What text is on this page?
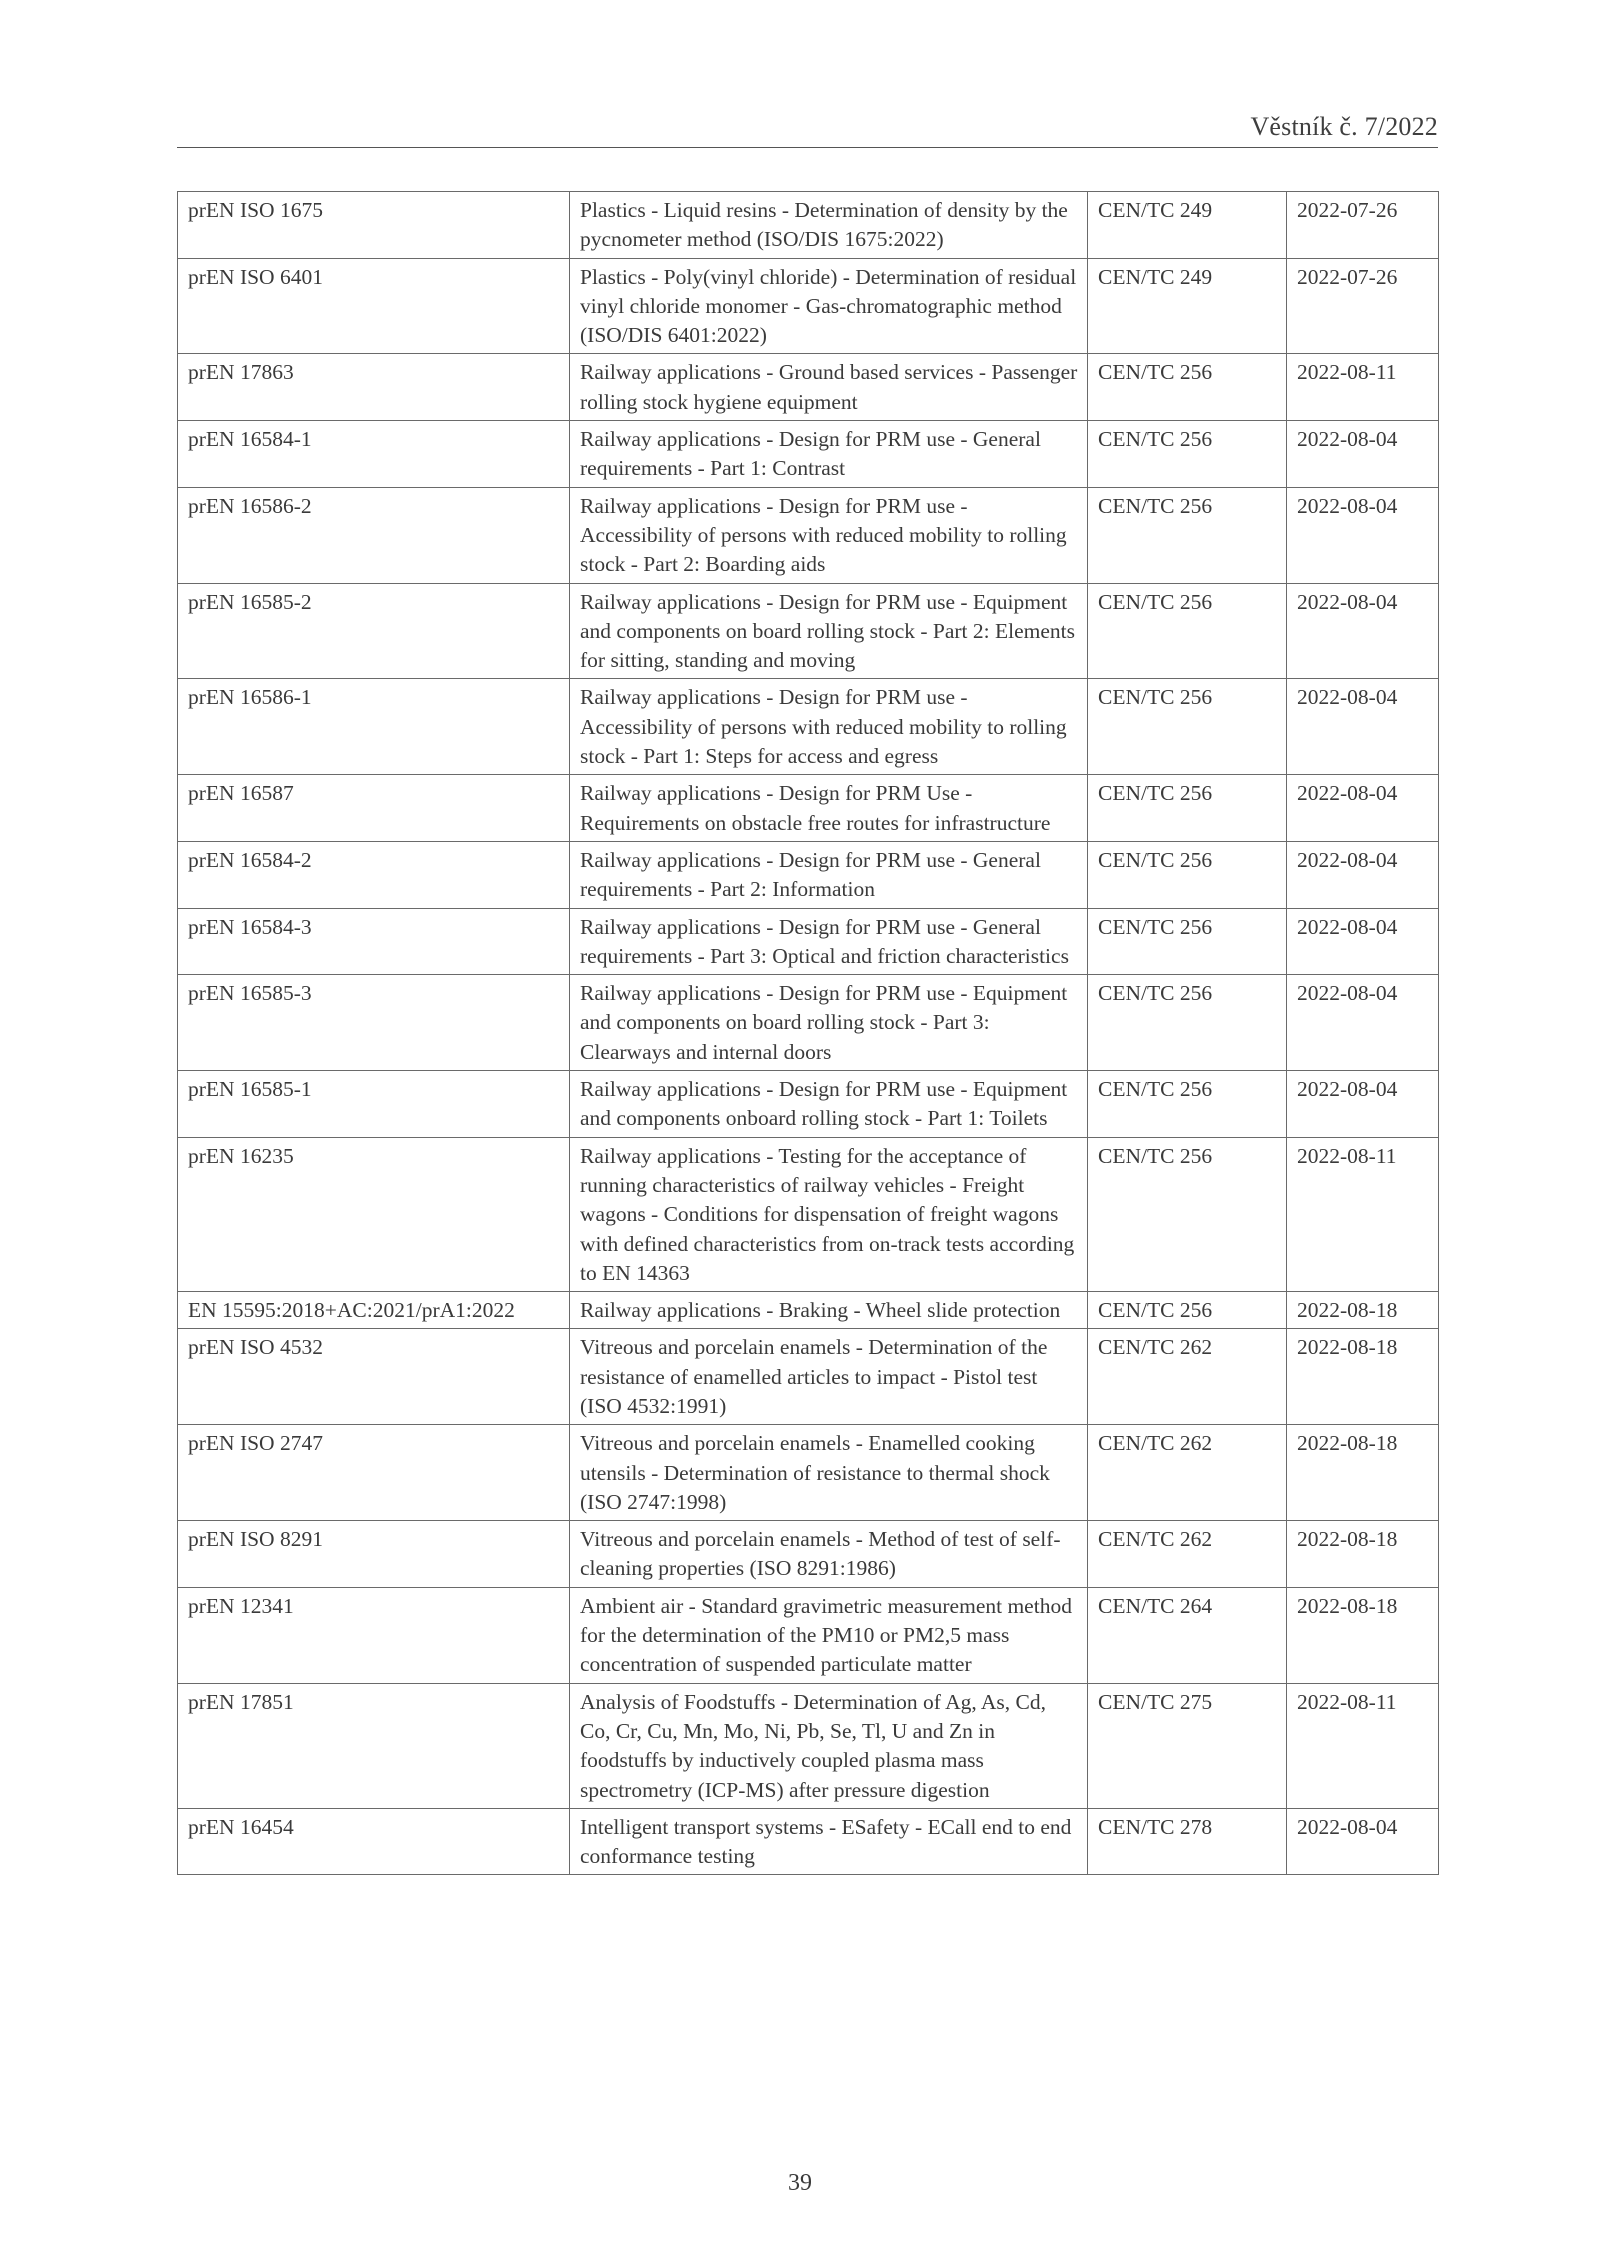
Věstník č. 7/2022
prEN ISO 1675	Plastics - Liquid resins - Determination of density by the pycnometer method (ISO/DIS 1675:2022)	CEN/TC 249	2022-07-26
prEN ISO 6401	Plastics - Poly(vinyl chloride) - Determination of residual vinyl chloride monomer - Gas-chromatographic method (ISO/DIS 6401:2022)	CEN/TC 249	2022-07-26
prEN 17863	Railway applications - Ground based services - Passenger rolling stock hygiene equipment	CEN/TC 256	2022-08-11
prEN 16584-1	Railway applications - Design for PRM use - General requirements - Part 1: Contrast	CEN/TC 256	2022-08-04
prEN 16586-2	Railway applications - Design for PRM use - Accessibility of persons with reduced mobility to rolling stock - Part 2: Boarding aids	CEN/TC 256	2022-08-04
prEN 16585-2	Railway applications - Design for PRM use - Equipment and components on board rolling stock - Part 2: Elements for sitting, standing and moving	CEN/TC 256	2022-08-04
prEN 16586-1	Railway applications - Design for PRM use - Accessibility of persons with reduced mobility to rolling stock - Part 1: Steps for access and egress	CEN/TC 256	2022-08-04
prEN 16587	Railway applications - Design for PRM Use - Requirements on obstacle free routes for infrastructure	CEN/TC 256	2022-08-04
prEN 16584-2	Railway applications - Design for PRM use - General requirements - Part 2: Information	CEN/TC 256	2022-08-04
prEN 16584-3	Railway applications - Design for PRM use - General requirements - Part 3: Optical and friction characteristics	CEN/TC 256	2022-08-04
prEN 16585-3	Railway applications - Design for PRM use - Equipment and components on board rolling stock - Part 3: Clearways and internal doors	CEN/TC 256	2022-08-04
prEN 16585-1	Railway applications - Design for PRM use - Equipment and components onboard rolling stock - Part 1: Toilets	CEN/TC 256	2022-08-04
prEN 16235	Railway applications - Testing for the acceptance of running characteristics of railway vehicles - Freight wagons - Conditions for dispensation of freight wagons with defined characteristics from on-track tests according to EN 14363	CEN/TC 256	2022-08-11
EN 15595:2018+AC:2021/prA1:2022	Railway applications - Braking - Wheel slide protection	CEN/TC 256	2022-08-18
prEN ISO 4532	Vitreous and porcelain enamels - Determination of the resistance of enamelled articles to impact - Pistol test (ISO 4532:1991)	CEN/TC 262	2022-08-18
prEN ISO 2747	Vitreous and porcelain enamels - Enamelled cooking utensils - Determination of resistance to thermal shock (ISO 2747:1998)	CEN/TC 262	2022-08-18
prEN ISO 8291	Vitreous and porcelain enamels - Method of test of self-cleaning properties (ISO 8291:1986)	CEN/TC 262	2022-08-18
prEN 12341	Ambient air - Standard gravimetric measurement method for the determination of the PM10 or PM2,5 mass concentration of suspended particulate matter	CEN/TC 264	2022-08-18
prEN 17851	Analysis of Foodstuffs - Determination of Ag, As, Cd, Co, Cr, Cu, Mn, Mo, Ni, Pb, Se, Tl, U and Zn in foodstuffs by inductively coupled plasma mass spectrometry (ICP-MS) after pressure digestion	CEN/TC 275	2022-08-11
prEN 16454	Intelligent transport systems - ESafety - ECall end to end conformance testing	CEN/TC 278	2022-08-04
39
